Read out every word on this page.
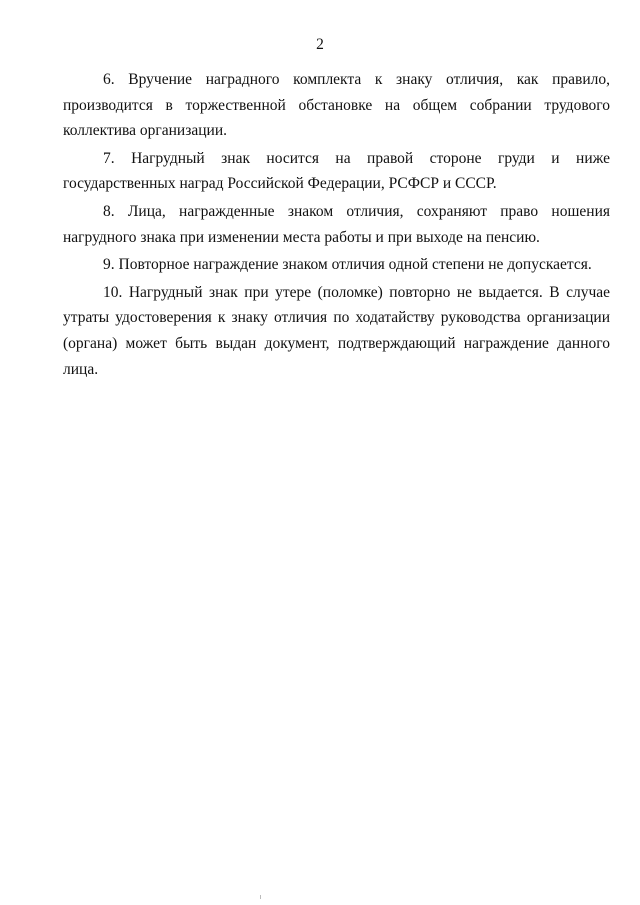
2

6. Вручение наградного комплекта к знаку отличия, как правило, производится в торжественной обстановке на общем собрании трудового коллектива организации.

7. Нагрудный знак носится на правой стороне груди и ниже государственных наград Российской Федерации, РСФСР и СССР.

8. Лица, награжденные знаком отличия, сохраняют право ношения нагрудного знака при изменении места работы и при выходе на пенсию.

9. Повторное награждение знаком отличия одной степени не допускается.

10. Нагрудный знак при утере (поломке) повторно не выдается. В случае утраты удостоверения к знаку отличия по ходатайству руководства организации (органа) может быть выдан документ, подтверждающий награждение данного лица.
